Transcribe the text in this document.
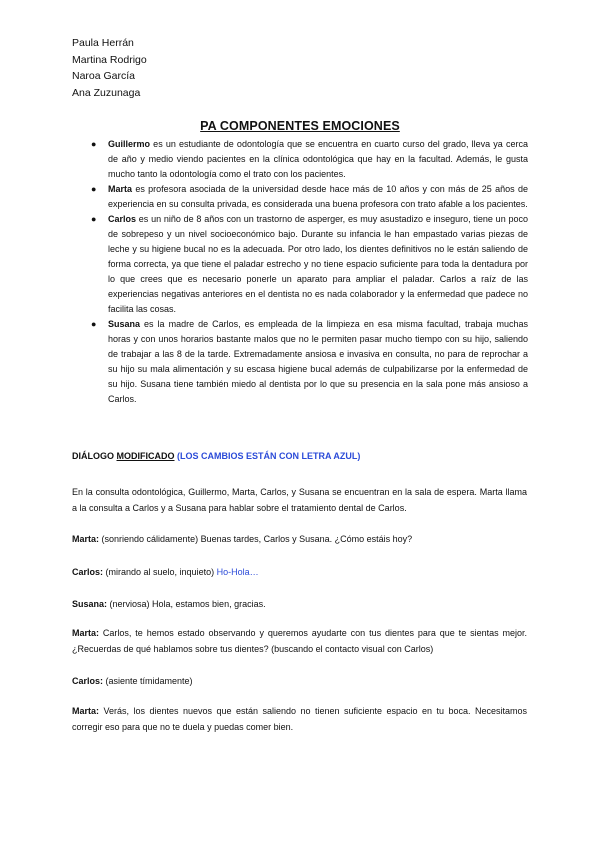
Paula Herrán
Martina Rodrigo
Naroa García
Ana Zuzunaga
PA COMPONENTES EMOCIONES
● Guillermo es un estudiante de odontología que se encuentra en cuarto curso del grado, lleva ya cerca de año y medio viendo pacientes en la clínica odontológica que hay en la facultad. Además, le gusta mucho tanto la odontología como el trato con los pacientes.
● Marta es profesora asociada de la universidad desde hace más de 10 años y con más de 25 años de experiencia en su consulta privada, es considerada una buena profesora con trato afable a los pacientes.
● Carlos es un niño de 8 años con un trastorno de asperger, es muy asustadizo e inseguro, tiene un poco de sobrepeso y un nivel socioeconómico bajo. Durante su infancia le han empastado varias piezas de leche y su higiene bucal no es la adecuada. Por otro lado, los dientes definitivos no le están saliendo de forma correcta, ya que tiene el paladar estrecho y no tiene espacio suficiente para toda la dentadura por lo que crees que es necesario ponerle un aparato para ampliar el paladar. Carlos a raíz de las experiencias negativas anteriores en el dentista no es nada colaborador y la enfermedad que padece no facilita las cosas.
● Susana es la madre de Carlos, es empleada de la limpieza en esa misma facultad, trabaja muchas horas y con unos horarios bastante malos que no le permiten pasar mucho tiempo con su hijo, saliendo de trabajar a las 8 de la tarde. Extremadamente ansiosa e invasiva en consulta, no para de reprochar a su hijo su mala alimentación y su escasa higiene bucal además de culpabilizarse por la enfermedad de su hijo. Susana tiene también miedo al dentista por lo que su presencia en la sala pone más ansioso a Carlos.
DIÁLOGO MODIFICADO (LOS CAMBIOS ESTÁN CON LETRA AZUL)
En la consulta odontológica, Guillermo, Marta, Carlos, y Susana se encuentran en la sala de espera. Marta llama a la consulta a Carlos y a Susana para hablar sobre el tratamiento dental de Carlos.
Marta: (sonriendo cálidamente) Buenas tardes, Carlos y Susana. ¿Cómo estáis hoy?
Carlos: (mirando al suelo, inquieto) Ho-Hola…
Susana: (nerviosa) Hola, estamos bien, gracias.
Marta: Carlos, te hemos estado observando y queremos ayudarte con tus dientes para que te sientas mejor. ¿Recuerdas de qué hablamos sobre tus dientes? (buscando el contacto visual con Carlos)
Carlos: (asiente tímidamente)
Marta: Verás, los dientes nuevos que están saliendo no tienen suficiente espacio en tu boca. Necesitamos corregir eso para que no te duela y puedas comer bien.
